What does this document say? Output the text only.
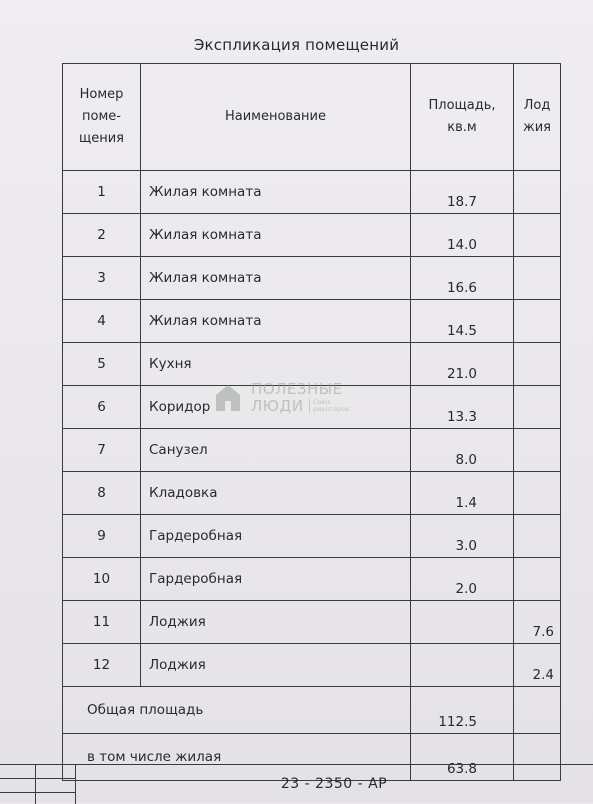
Экспликация помещений
Номер поме-щения	Наименование	Площадь, кв.м	Лод жия
1	Жилая комната	18.7	
2	Жилая комната	14.0	
3	Жилая комната	16.6	
4	Жилая комната	14.5	
5	Кухня	21.0	
6	Коридор	13.3	
7	Санузел	8.0	
8	Кладовка	1.4	
9	Гардеробная	3.0	
10	Гардеробная	2.0	
11	Лоджия		7.6
12	Лоджия		2.4
Общая площадь		112.5	
в том числе жилая		63.8	
ПОЛЕЗНЫЕ
ЛЮДИ	Союз риэлторов
23 - 2350 - АР
